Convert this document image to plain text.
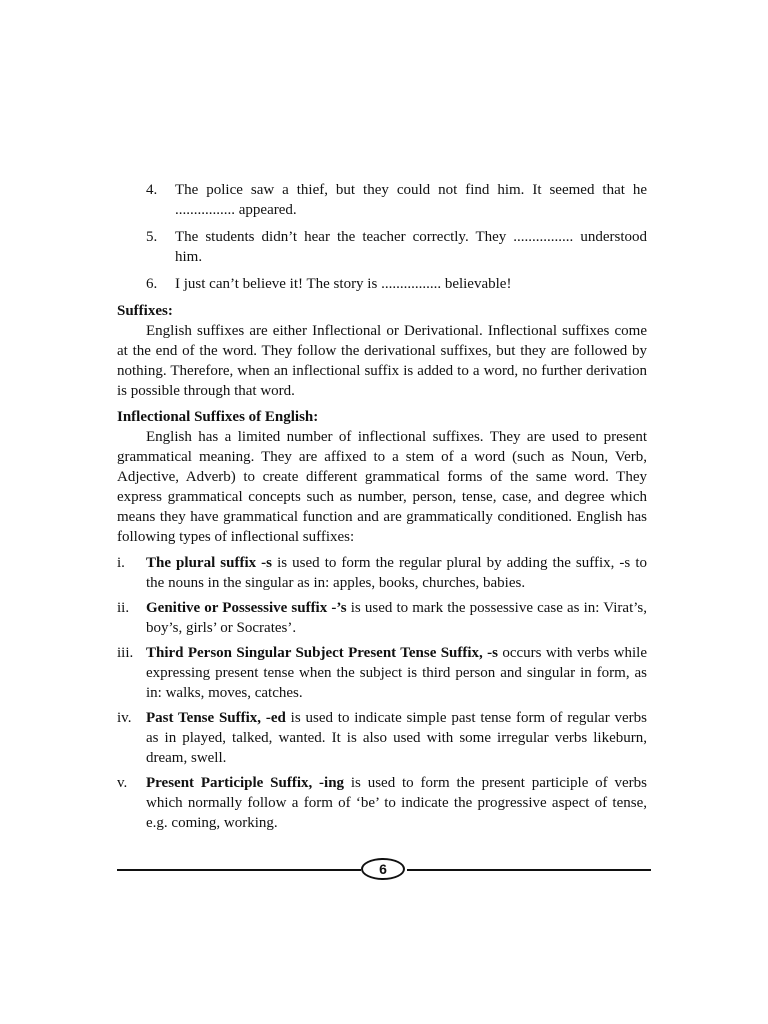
4.	The police saw a thief, but they could not find him. It seemed that he ................ appeared.
5.	The students didn’t hear the teacher correctly. They ................ understood him.
6.	I just can’t believe it! The story is ................ believable!

Suffixes:

English suffixes are either Inflectional or Derivational. Inflectional suffixes come at the end of the word. They follow the derivational suffixes, but they are followed by nothing. Therefore, when an inflectional suffix is added to a word, no further derivation is possible through that word.

Inflectional Suffixes of English:

English has a limited number of inflectional suffixes. They are used to present grammatical meaning. They are affixed to a stem of a word (such as Noun, Verb, Adjective, Adverb) to create different grammatical forms of the same word. They express grammatical concepts such as number, person, tense, case, and degree which means they have grammatical function and are grammatically conditioned. English has following types of inflectional suffixes:

i.	The plural suffix -s is used to form the regular plural by adding the suffix, -s to the nouns in the singular as in: apples, books, churches, babies.
ii.	Genitive or Possessive suffix -’s is used to mark the possessive case as in: Virat’s, boy’s, girls’ or Socrates’.
iii. Third Person Singular Subject Present Tense Suffix, -s occurs with verbs while expressing present tense when the subject is third person and singular in form, as in: walks, moves, catches.
iv. Past Tense Suffix, -ed is used to indicate simple past tense form of regular verbs as in played, talked, wanted. It is also used with some irregular verbs likeburn, dream, swell.
v.	Present Participle Suffix, -ing is used to form the present participle of verbs which normally follow a form of ‘be’ to indicate the progressive aspect of tense, e.g. coming, working.
6
